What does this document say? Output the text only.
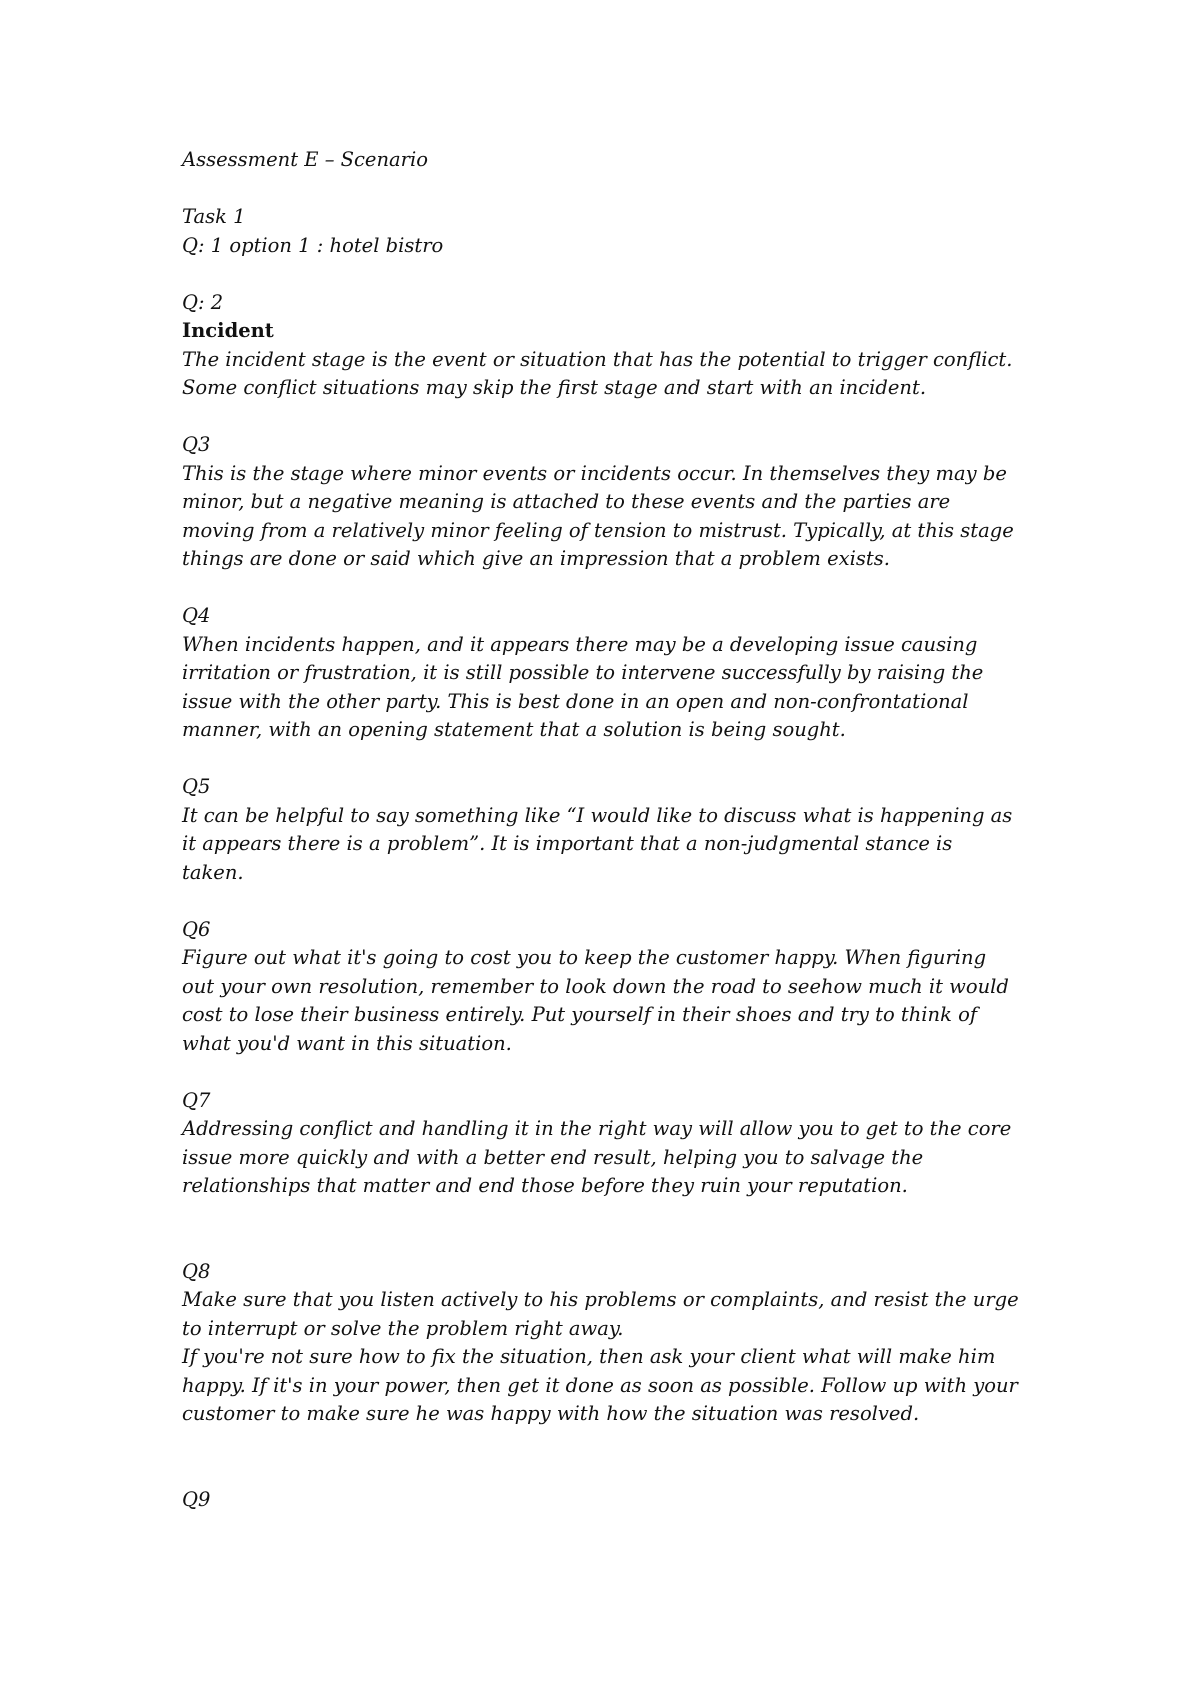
Assessment E – Scenario
Task 1
Q: 1 option 1 : hotel bistro
Q: 2
Incident
The incident stage is the event or situation that has the potential to trigger conflict.
Some conflict situations may skip the first stage and start with an incident.
Q3
This is the stage where minor events or incidents occur. In themselves they may be
minor, but a negative meaning is attached to these events and the parties are
moving from a relatively minor feeling of tension to mistrust. Typically, at this stage
things are done or said which give an impression that a problem exists.
Q4
When incidents happen, and it appears there may be a developing issue causing
irritation or frustration, it is still possible to intervene successfully by raising the
issue with the other party. This is best done in an open and non-confrontational
manner, with an opening statement that a solution is being sought.
Q5
It can be helpful to say something like “I would like to discuss what is happening as
it appears there is a problem”. It is important that a non-judgmental stance is
taken.
Q6
Figure out what it's going to cost you to keep the customer happy. When figuring
out your own resolution, remember to look down the road to seehow much it would
cost to lose their business entirely. Put yourself in their shoes and try to think of
what you'd want in this situation.
Q7
Addressing conflict and handling it in the right way will allow you to get to the core
issue more quickly and with a better end result, helping you to salvage the
relationships that matter and end those before they ruin your reputation.
Q8
Make sure that you listen actively to his problems or complaints, and resist the urge
to interrupt or solve the problem right away.
If you're not sure how to fix the situation, then ask your client what will make him
happy. If it's in your power, then get it done as soon as possible. Follow up with your
customer to make sure he was happy with how the situation was resolved.
Q9
